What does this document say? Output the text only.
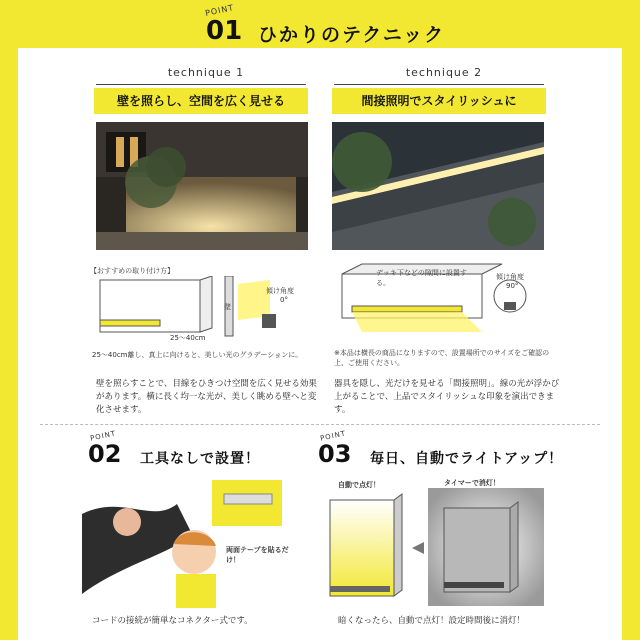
POINT
01 ひかりのテクニック
technique 1
壁を照らし、空間を広く見せる
【おすすめの取り付け方】
壁
傾け角度
0°
25〜40cm
25〜40cm離し、真上に向けると、美しい光のグラデーションに。
デッキ下などの隙間に設置する。
傾け角度
90°
※本品は横長の商品になりますので、設置場所でのサイズをご確認の上、ご使用ください。
壁を照らすことで、目線をひきつけ空間を広く見せる効果があります。横に長く均一な光が、美しく眺める壁へと変化させます。
technique 2
間接照明でスタイリッシュに
器具を隠し、光だけを見せる「間接照明」。線の光が浮かび上がることで、上品でスタイリッシュな印象を演出できます。
POINT
02 工具なしで設置！
両面テープを貼るだけ！
コードの接続が簡単なコネクター式です。
POINT
03 毎日、自動でライトアップ！
自動で点灯！	タイマーで消灯！
暗くなったら、自動で点灯！設定時間後に消灯！
